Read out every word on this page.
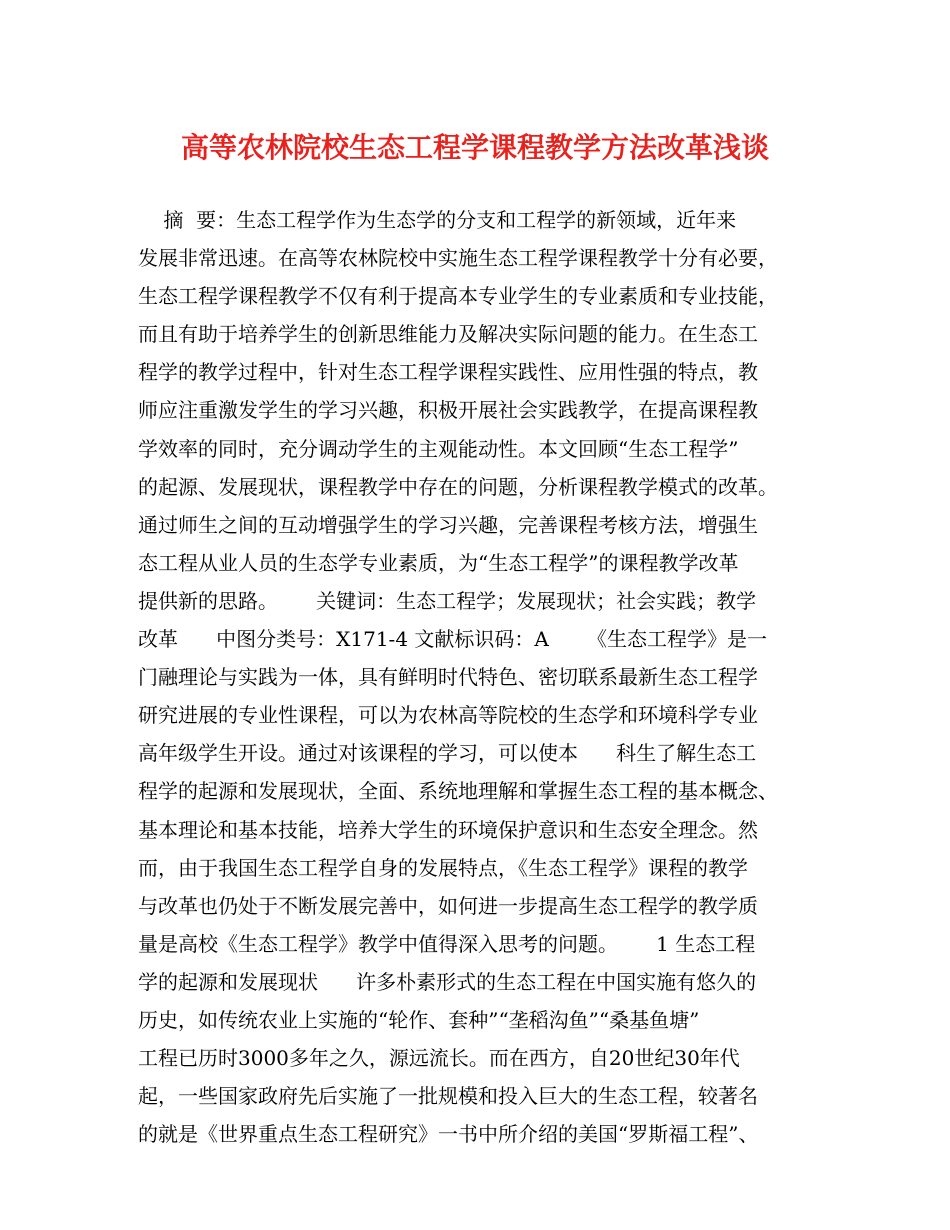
高等农林院校生态工程学课程教学方法改革浅谈
摘  要：生态工程学作为生态学的分支和工程学的新领域，近年来
发展非常迅速。在高等农林院校中实施生态工程学课程教学十分有必要，
生态工程学课程教学不仅有利于提高本专业学生的专业素质和专业技能，
而且有助于培养学生的创新思维能力及解决实际问题的能力。在生态工
程学的教学过程中，针对生态工程学课程实践性、应用性强的特点，教
师应注重激发学生的学习兴趣，积极开展社会实践教学，在提高课程教
学效率的同时，充分调动学生的主观能动性。本文回顾“生态工程学”
的起源、发展现状，课程教学中存在的问题，分析课程教学模式的改革。
通过师生之间的互动增强学生的学习兴趣，完善课程考核方法，增强生
态工程从业人员的生态学专业素质，为“生态工程学”的课程教学改革
提供新的思路。      关键词：生态工程学；发展现状；社会实践；教学
改革      中图分类号：X171-4 文献标识码：A      《生态工程学》是一
门融理论与实践为一体，具有鲜明时代特色、密切联系最新生态工程学
研究进展的专业性课程，可以为农林高等院校的生态学和环境科学专业
高年级学生开设。通过对该课程的学习，可以使本      科生了解生态工
程学的起源和发展现状，全面、系统地理解和掌握生态工程的基本概念、
基本理论和基本技能，培养大学生的环境保护意识和生态安全理念。然
而，由于我国生态工程学自身的发展特点，《生态工程学》课程的教学
与改革也仍处于不断发展完善中，如何进一步提高生态工程学的教学质
量是高校《生态工程学》教学中值得深入思考的问题。      1 生态工程
学的起源和发展现状      许多朴素形式的生态工程在中国实施有悠久的
历史，如传统农业上实施的“轮作、套种”“垄稻沟鱼”“桑基鱼塘”
工程已历时3000多年之久，源远流长。而在西方，自20世纪30年代
起，一些国家政府先后实施了一批规模和投入巨大的生态工程，较著名
的就是《世界重点生态工程研究》一书中所介绍的美国“罗斯福工程”、
